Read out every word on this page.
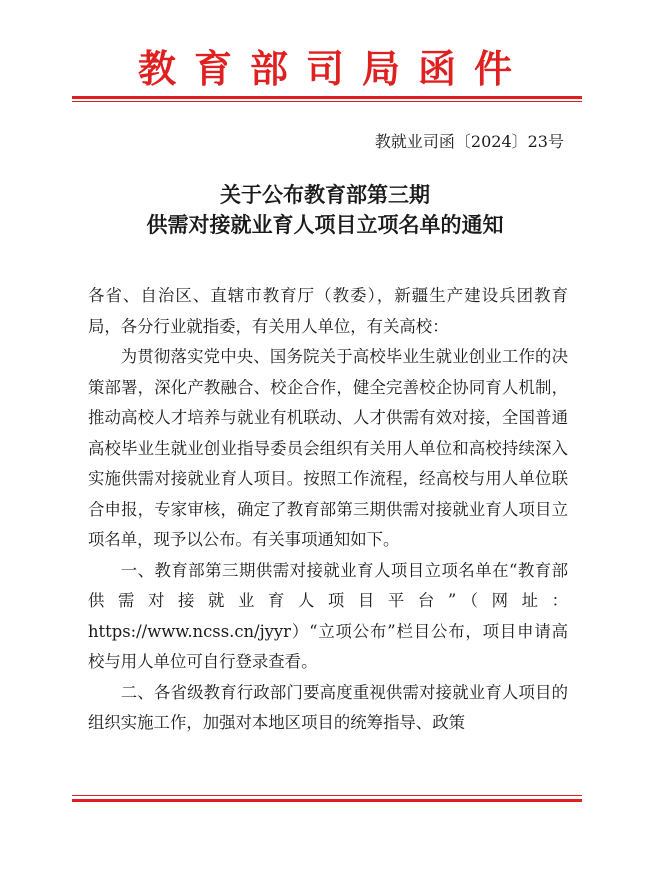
教育部司局函件
教就业司函〔2024〕23号
关于公布教育部第三期
供需对接就业育人项目立项名单的通知

各省、自治区、直辖市教育厅（教委），新疆生产建设兵团教育局，各分行业就指委，有关用人单位，有关高校：

为贯彻落实党中央、国务院关于高校毕业生就业创业工作的决策部署，深化产教融合、校企合作，健全完善校企协同育人机制，推动高校人才培养与就业有机联动、人才供需有效对接，全国普通高校毕业生就业创业指导委员会组织有关用人单位和高校持续深入实施供需对接就业育人项目。按照工作流程，经高校与用人单位联合申报，专家审核，确定了教育部第三期供需对接就业育人项目立项名单，现予以公布。有关事项通知如下。

一、教育部第三期供需对接就业育人项目立项名单在“教育部供需对接就业育人项目平台”（网址：https://www.ncss.cn/jyyr）“立项公布”栏目公布，项目申请高校与用人单位可自行登录查看。

二、各省级教育行政部门要高度重视供需对接就业育人项目的组织实施工作，加强对本地区项目的统筹指导、政策
